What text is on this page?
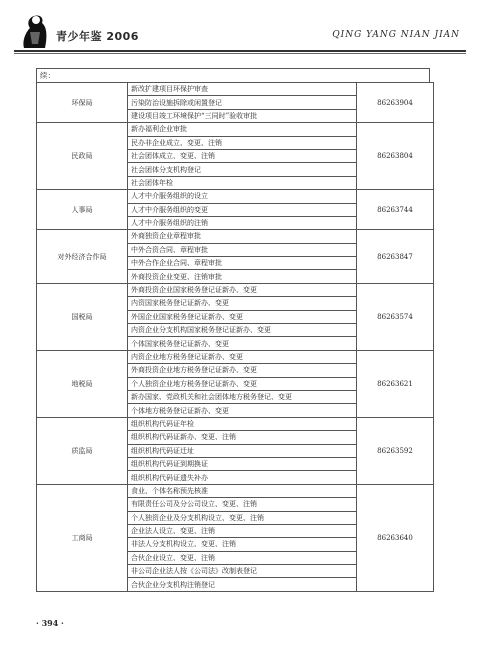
青少年鉴 2006	QING YANG NIAN JIAN
续：
环保局	新改扩建项目环保护审查	86263904
	污染防治设施拆除或闲置登记	
	建设项目竣工环境保护“三同时”验收审批	
民政局	新办福利企业审批	86263804
	民办非企业成立、变更、注销	
	社会团体成立、变更、注销	
	社会团体分支机构登记	
	社会团体年检	
人事局	人才中介服务组织的设立	86263744
	人才中介服务组织的变更	
	人才中介服务组织的注销	
对外经济合作局	外商独资企业章程审批	86263847
	中外合资合同、章程审批	
	中外合作企业合同、章程审批	
	外商投资企业变更、注销审批	
国税局	外商投资企业国家税务登记证新办、变更	86263574
	内资国家税务登记证新办、变更	
	外国企业国家税务登记证新办、变更	
	内资企业分支机构国家税务登记证新办、变更	
	个体国家税务登记证新办、变更	
地税局	内资企业地方税务登记证新办、变更	86263621
	外商投资企业地方税务登记证新办、变更	
	个人独资企业地方税务登记证新办、变更	
	新办国家、党政机关和社会团体地方税务登记、变更	
	个体地方税务登记证新办、变更	
质监局	组织机构代码证年检	86263592
	组织机构代码证新办、变更、注销	
	组织机构代码证迁址	
	组织机构代码证到期换证	
	组织机构代码证遗失补办	
工商局	食业、个体名称预先核准	86263640
	有限责任公司及分公司设立、变更、注销	
	个人独资企业及分支机构设立、变更、注销	
	企业法人设立、变更、注销	
	非法人分支机构设立、变更、注销	
	合伙企业设立、变更、注销	
	非公司企业法人按《公司法》改制表登记	
	合伙企业分支机构注销登记	
· 394 ·
